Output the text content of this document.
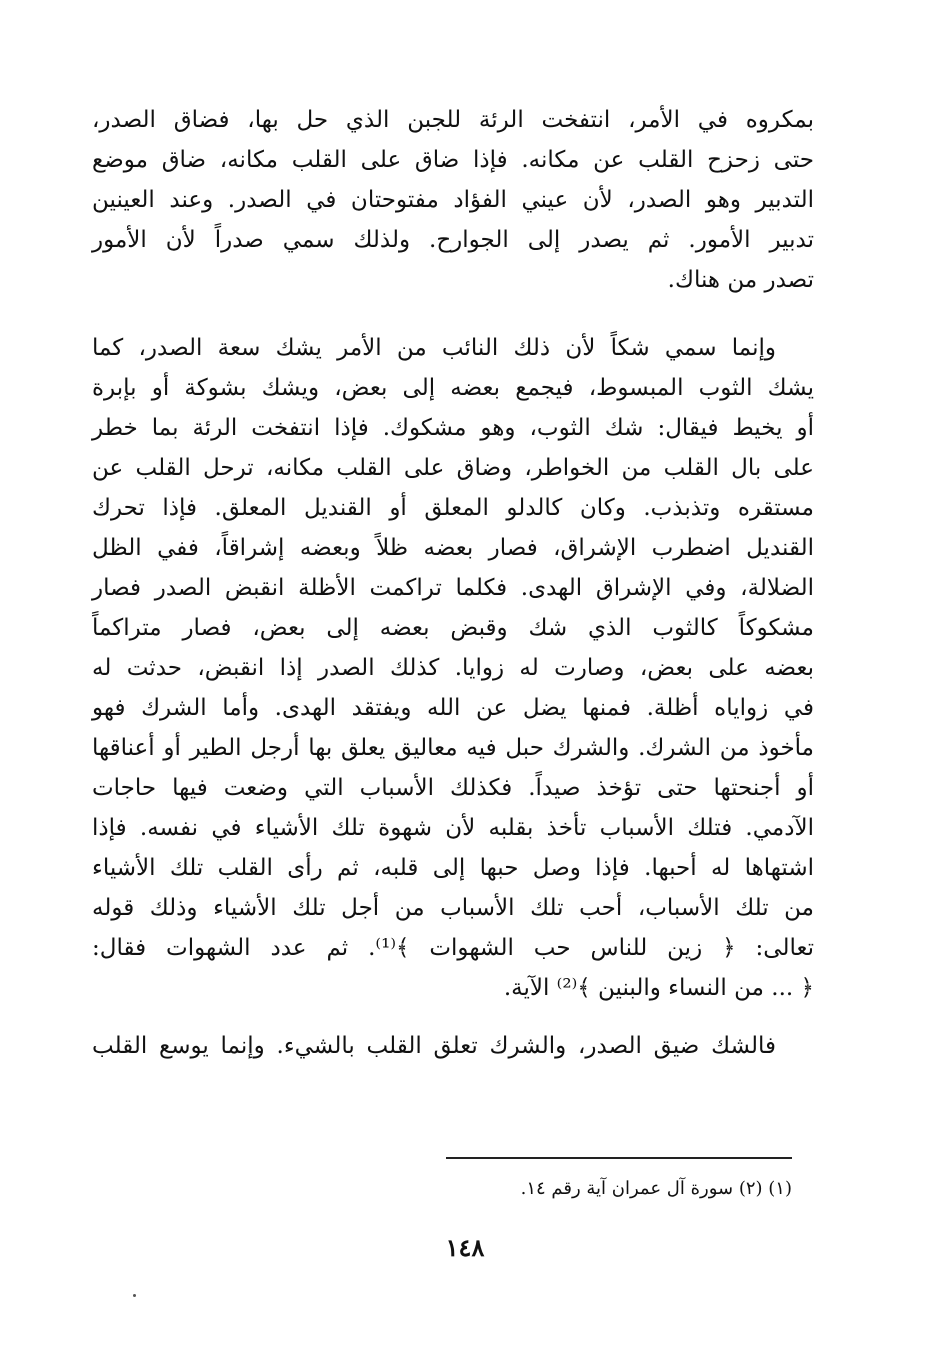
بمكروه في الأمر، انتفخت الرئة للجبن الذي حل بها، فضاق الصدر،
حتى زحزح القلب عن مكانه. فإذا ضاق على القلب مكانه، ضاق موضع
التدبير وهو الصدر، لأن عيني الفؤاد مفتوحتان في الصدر. وعند العينين
تدبير الأمور. ثم يصدر إلى الجوارح. ولذلك سمي صدراً لأن الأمور
تصدر من هناك.
وإنما سمي شكاً لأن ذلك النائب من الأمر يشك سعة الصدر، كما
يشك الثوب المبسوط، فيجمع بعضه إلى بعض، ويشك بشوكة أو بإبرة
أو يخيط فيقال: شك الثوب، وهو مشكوك. فإذا انتفخت الرئة بما خطر
على بال القلب من الخواطر، وضاق على القلب مكانه، ترحل القلب عن
مستقره وتذبذب. وكان كالدلو المعلق أو القنديل المعلق. فإذا تحرك
القنديل اضطرب الإشراق، فصار بعضه ظلاً وبعضه إشراقاً، ففي الظل
الضلالة، وفي الإشراق الهدى. فكلما تراكمت الأظلة انقبض الصدر فصار
مشكوكاً كالثوب الذي شك وقبض بعضه إلى بعض، فصار متراكماً
بعضه على بعض، وصارت له زوايا. كذلك الصدر إذا انقبض، حدثت له
في زواياه أظلة. فمنها يضل عن الله ويفتقد الهدى. وأما الشرك فهو
مأخوذ من الشرك. والشرك حبل فيه معاليق يعلق بها أرجل الطير أو أعناقها
أو أجنحتها حتى تؤخذ صيداً. فكذلك الأسباب التي وضعت فيها حاجات
الآدمي. فتلك الأسباب تأخذ بقلبه لأن شهوة تلك الأشياء في نفسه. فإذا
اشتهاها له أحبها. فإذا وصل حبها إلى قلبه، ثم رأى القلب تلك الأشياء
من تلك الأسباب، أحب تلك الأسباب من أجل تلك الأشياء وذلك قوله
تعالى: ﴿ زين للناس حب الشهوات ﴾⁽¹⁾. ثم عدد الشهوات فقال:
﴿ ... من النساء والبنين ﴾⁽²⁾ الآية.
فالشك ضيق الصدر، والشرك تعلق القلب بالشيء. وإنما يوسع القلب
(١) (٢) سورة آل عمران آية رقم ١٤.
١٤٨
